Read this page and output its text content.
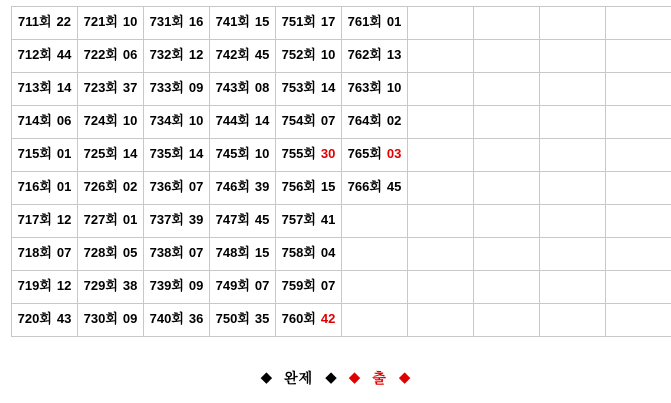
711회 22	721회 10	731회 16	741회 15	751회 17	761회 01				
712회 44	722회 06	732회 12	742회 45	752회 10	762회 13				
713회 14	723회 37	733회 09	743회 08	753회 14	763회 10				
714회 06	724회 10	734회 10	744회 14	754회 07	764회 02				
715회 01	725회 14	735회 14	745회 10	755회 30	765회 03				
716회 01	726회 02	736회 07	746회 39	756회 15	766회 45				
717회 12	727회 01	737회 39	747회 45	757회 41					
718회 07	728회 05	738회 07	748회 15	758회 04					
719회 12	729회 38	739회 09	749회 07	759회 07					
720회 43	730회 09	740회 36	750회 35	760회 42					
◆ 완제 ◆ ◆ 출 ◆
